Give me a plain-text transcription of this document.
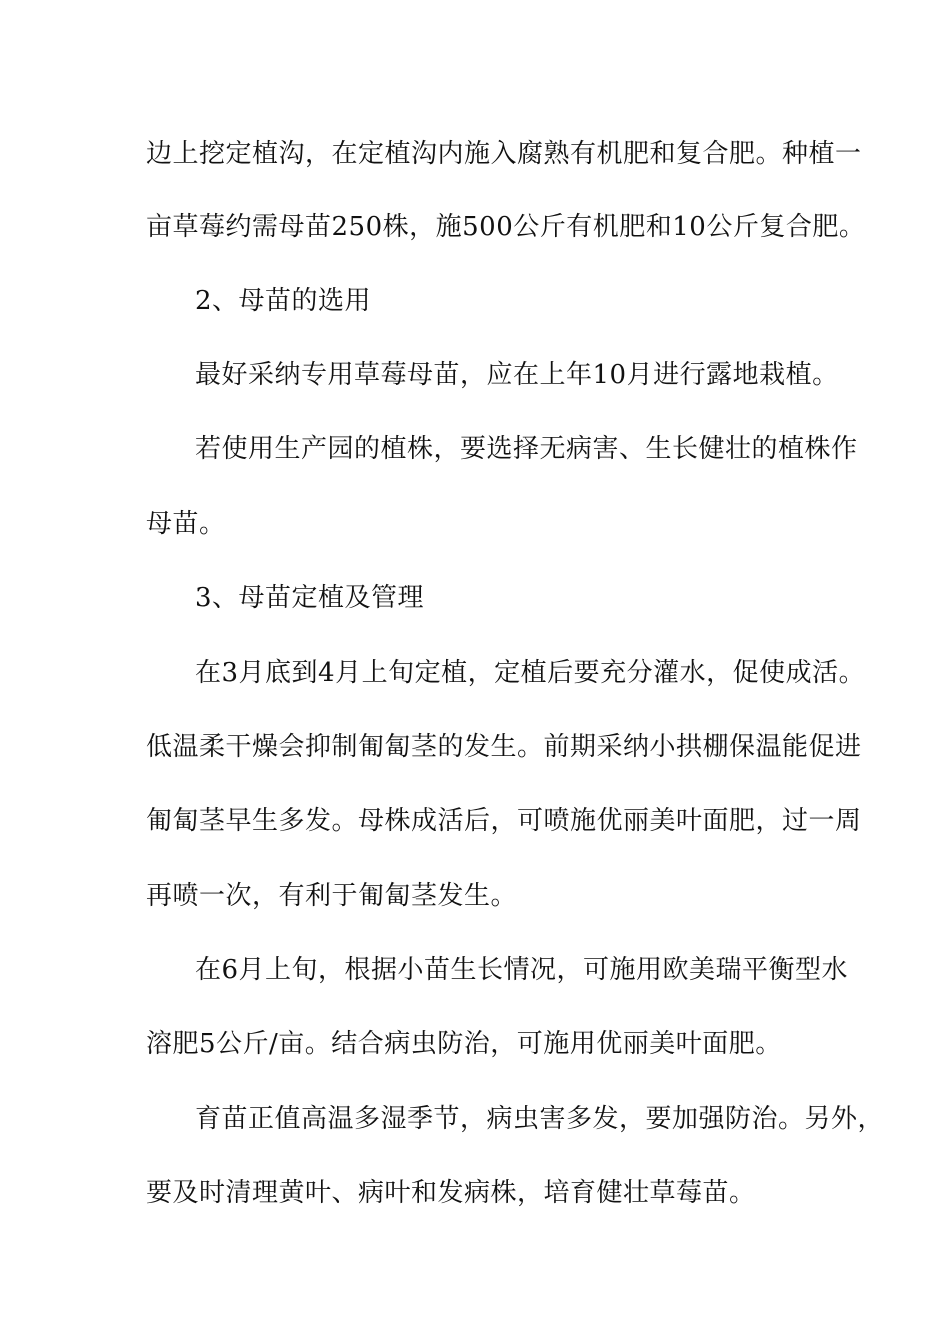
边上挖定植沟，在定植沟内施入腐熟有机肥和复合肥。种植一
亩草莓约需母苗250株，施500公斤有机肥和10公斤复合肥。
2、母苗的选用
最好采纳专用草莓母苗，应在上年10月进行露地栽植。
若使用生产园的植株，要选择无病害、生长健壮的植株作
母苗。
3、母苗定植及管理
在3月底到4月上旬定植，定植后要充分灌水，促使成活。
低温柔干燥会抑制匍匐茎的发生。前期采纳小拱棚保温能促进
匍匐茎早生多发。母株成活后，可喷施优丽美叶面肥，过一周
再喷一次，有利于匍匐茎发生。
在6月上旬，根据小苗生长情况，可施用欧美瑞平衡型水
溶肥5公斤/亩。结合病虫防治，可施用优丽美叶面肥。
育苗正值高温多湿季节，病虫害多发，要加强防治。另外，
要及时清理黄叶、病叶和发病株，培育健壮草莓苗。
